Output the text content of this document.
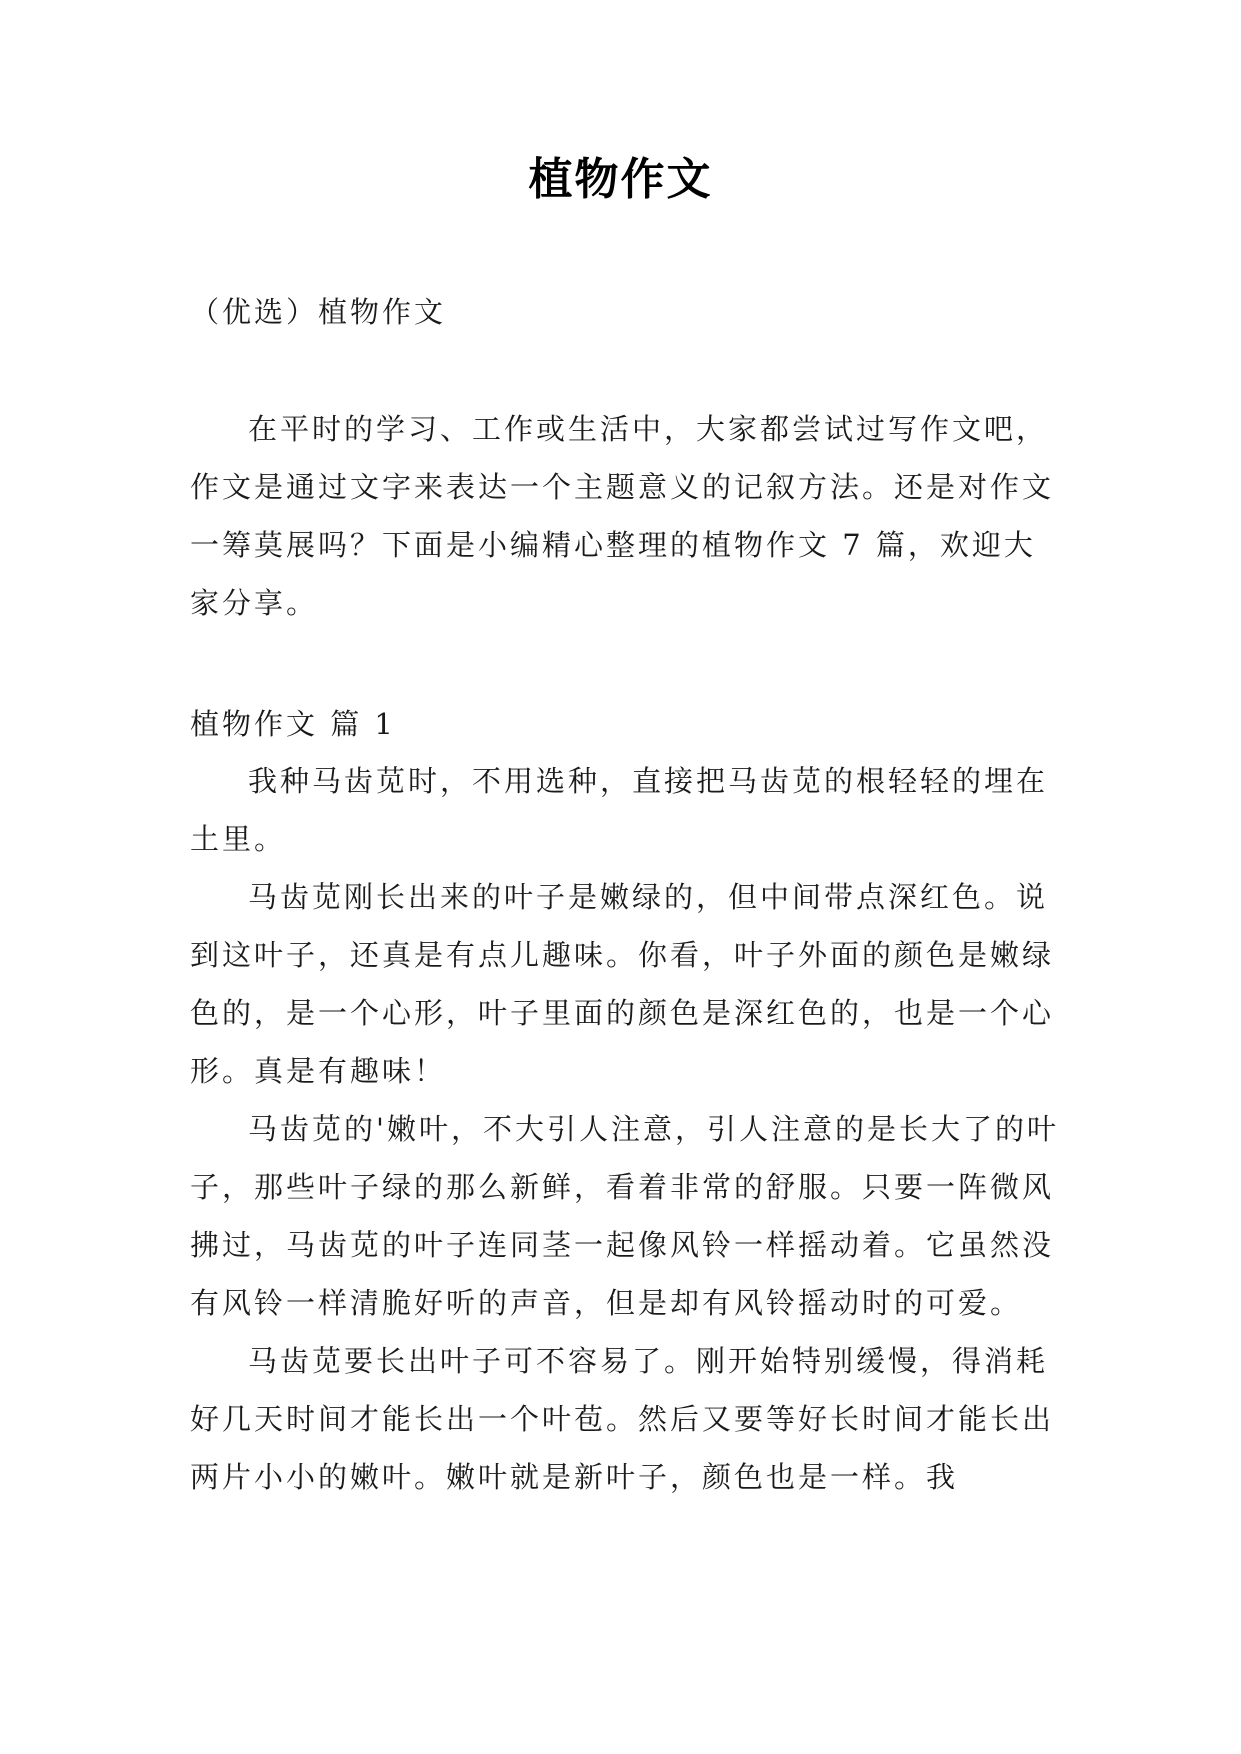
植物作文
（优选）植物作文

在平时的学习、工作或生活中，大家都尝试过写作文吧，作文是通过文字来表达一个主题意义的记叙方法。还是对作文一筹莫展吗？下面是小编精心整理的植物作文 7 篇，欢迎大家分享。

植物作文 篇 1

我种马齿苋时，不用选种，直接把马齿苋的根轻轻的埋在土里。

马齿苋刚长出来的叶子是嫩绿的，但中间带点深红色。说到这叶子，还真是有点儿趣味。你看，叶子外面的颜色是嫩绿色的，是一个心形，叶子里面的颜色是深红色的，也是一个心形。真是有趣味！

马齿苋的'嫩叶，不大引人注意，引人注意的是长大了的叶子，那些叶子绿的那么新鲜，看着非常的舒服。只要一阵微风拂过，马齿苋的叶子连同茎一起像风铃一样摇动着。它虽然没有风铃一样清脆好听的声音，但是却有风铃摇动时的可爱。

马齿苋要长出叶子可不容易了。刚开始特别缓慢，得消耗好几天时间才能长出一个叶苞。然后又要等好长时间才能长出两片小小的嫩叶。嫩叶就是新叶子，颜色也是一样。我
